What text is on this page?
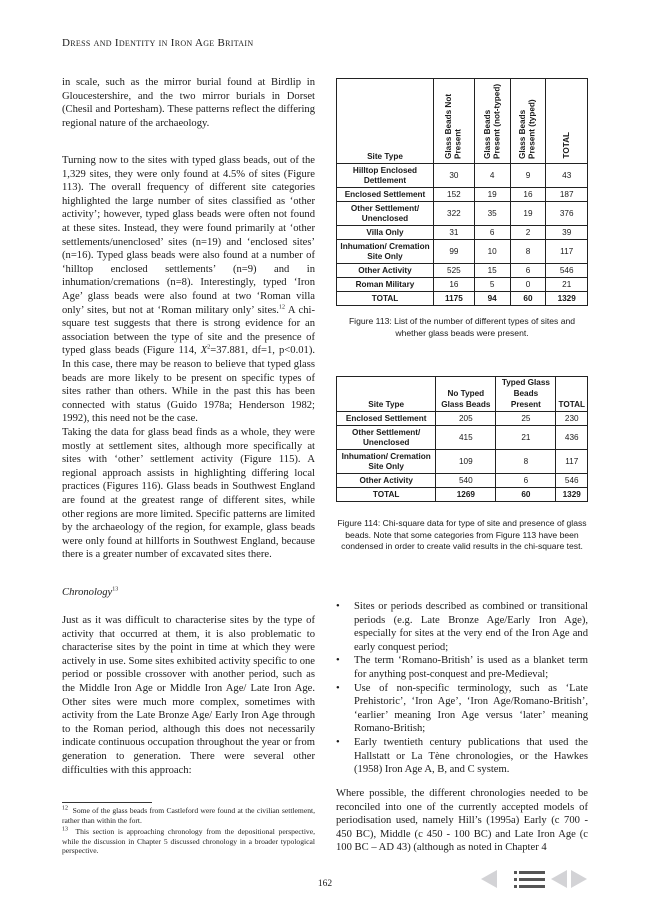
Dress and Identity in Iron Age Britain

in scale, such as the mirror burial found at Birdlip in Gloucestershire, and the two mirror burials in Dorset (Chesil and Portesham). These patterns reflect the differing regional nature of the archaeology.

Turning now to the sites with typed glass beads, out of the 1,329 sites, they were only found at 4.5% of sites (Figure 113). The overall frequency of different site categories highlighted the large number of sites classified as ‘other activity’; however, typed glass beads were often not found at these sites. Instead, they were found primarily at ‘other settlements/unenclosed’ sites (n=19) and ‘enclosed sites’ (n=16). Typed glass beads were also found at a number of ‘hilltop enclosed settlements’ (n=9) and in inhumation/cremations (n=8). Interestingly, typed ‘Iron Age’ glass beads were also found at two ‘Roman villa only’ sites, but not at ‘Roman military only’ sites.$^{12}$ A chi-square test suggests that there is strong evidence for an association between the type of site and the presence of typed glass beads (Figure 114, $X^2=37.881$, df=1, p<0.01). In this case, there may be reason to believe that typed glass beads are more likely to be present on specific types of sites rather than others. While in the past this has been connected with status (Guido 1978a; Henderson 1982; 1992), this need not be the case.

Taking the data for glass bead finds as a whole, they were mostly at settlement sites, although more specifically at sites with ‘other’ settlement activity (Figure 115). A regional approach assists in highlighting differing local practices (Figures 116). Glass beads in Southwest England are found at the greatest range of different sites, while other regions are more limited. Specific patterns are limited by the archaeology of the region, for example, glass beads were only found at hillforts in Southwest England, because there is a greater number of excavated sites there.

Chronology$^{13}$

Just as it was difficult to characterise sites by the type of activity that occurred at them, it is also problematic to characterise sites by the point in time at which they were actively in use. Some sites exhibited activity specific to one period or possible crossover with another period, such as the Middle Iron Age or Middle Iron Age/ Late Iron Age. Other sites were much more complex, sometimes with activity from the Late Bronze Age/ Early Iron Age through to the Roman period, although this does not necessarily indicate continuous occupation throughout the year or from generation to generation. There were several other difficulties with this approach:

$^{12}$ Some of the glass beads from Castleford were found at the civilian settlement, rather than within the fort.

$^{13}$ This section is approaching chronology from the depositional perspective, while the discussion in Chapter 5 discussed chronology in a broader typological perspective.

Site Type	Glass Beads Not Present	Glass Beads Present (not-typed)	Glass Beads Present (typed)	TOTAL
Hilltop Enclosed Dettlement	30	4	9	43
Enclosed Settlement	152	19	16	187
Other Settlement/ Unenclosed	322	35	19	376
Villa Only	31	6	2	39
Inhumation/ Cremation Site Only	99	10	8	117
Other Activity	525	15	6	546
Roman Military	16	5	0	21
TOTAL	1175	94	60	1329
Figure 113: List of the number of different types of sites and whether glass beads were present.
Site Type	No Typed Glass Beads	Typed Glass Beads Present	TOTAL
Enclosed Settlement	205	25	230
Other Settlement/ Unenclosed	415	21	436
Inhumation/ Cremation Site Only	109	8	117
Other Activity	540	6	546
TOTAL	1269	60	1329
Figure 114: Chi-square data for type of site and presence of glass beads. Note that some categories from Figure 113 have been condensed in order to create valid results in the chi-square test.
• Sites or periods described as combined or transitional periods (e.g. Late Bronze Age/Early Iron Age), especially for sites at the very end of the Iron Age and early conquest period;
• The term ‘Romano-British’ is used as a blanket term for anything post-conquest and pre-Medieval;
• Use of non-specific terminology, such as ‘Late Prehistoric’, ‘Iron Age’, ‘Iron Age/Romano-British’, ‘earlier’ meaning Iron Age versus ‘later’ meaning Romano-British;
• Early twentieth century publications that used the Hallstatt or La Tène chronologies, or the Hawkes (1958) Iron Age A, B, and C system.

Where possible, the different chronologies needed to be reconciled into one of the currently accepted models of periodisation used, namely Hill’s (1995a) Early (c 700 - 450 BC), Middle (c 450 - 100 BC) and Late Iron Age (c 100 BC – AD 43) (although as noted in Chapter 4

162
